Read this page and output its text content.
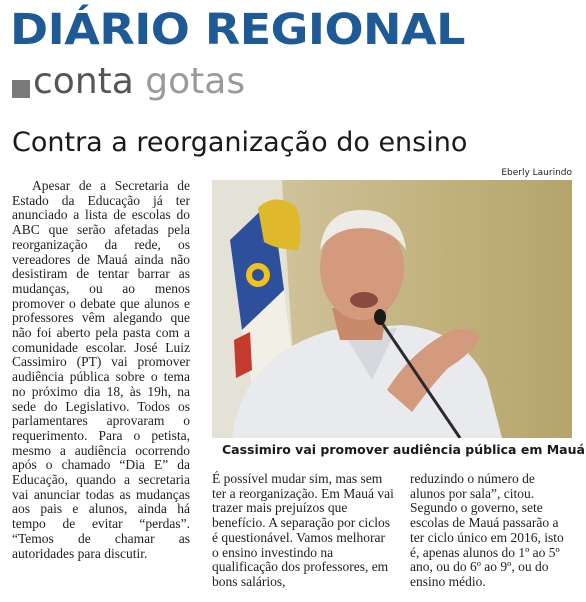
DIÁRIO REGIONAL
conta gotas
Contra a reorganização do ensino
Eberly Laurindo

Apesar de a Secretaria de Estado da Educação já ter anunciado a lista de escolas do ABC que serão afetadas pela reorganização da rede, os vereadores de Mauá ainda não desistiram de tentar barrar as mudanças, ou ao menos promover o debate que alunos e professores vêm alegando que não foi aberto pela pasta com a comunidade escolar. José Luiz Cassimiro (PT) vai promover audiência pública sobre o tema no próximo dia 18, às 19h, na sede do Legislativo. Todos os parlamentares aprovaram o requerimento. Para o petista, mesmo a audiência ocorrendo após o chamado “Dia E” da Educação, quando a secretaria vai anunciar todas as mudanças aos pais e alunos, ainda há tempo de evitar “perdas”. “Temos de chamar as autoridades para discutir.

Cassimiro vai promover audiência pública em Mauá

É possível mudar sim, mas sem ter a reorganização. Em Mauá vai trazer mais prejuízos que benefício. A separação por ciclos é questionável. Vamos melhorar o ensino investindo na qualificação dos professores, em bons salários,

reduzindo o número de alunos por sala”, citou. Segundo o governo, sete escolas de Mauá passarão a ter ciclo único em 2016, isto é, apenas alunos do 1º ao 5º ano, ou do 6º ao 9º, ou do ensino médio.
